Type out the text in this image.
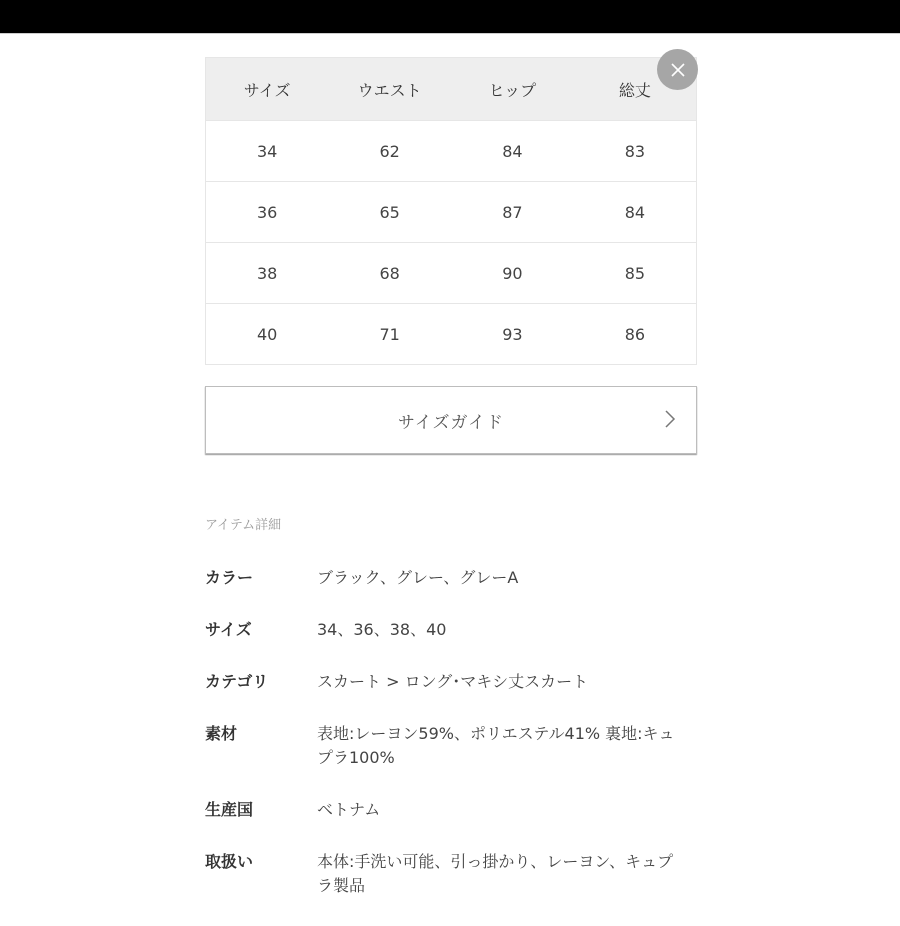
サイズ	ウエスト	ヒップ	総丈
34	62	84	83
36	65	87	84
38	68	90	85
40	71	93	86
サイズガイド
アイテム詳細
カラー	ブラック、グレー、グレーA
サイズ	34、36、38、40
カテゴリ	スカート > ロング･マキシ丈スカート
素材	表地:レーヨン59%、ポリエステル41% 裏地:キュプラ100%
生産国	ベトナム
取扱い	本体:手洗い可能、引っ掛かり、レーヨン、キュプラ製品
